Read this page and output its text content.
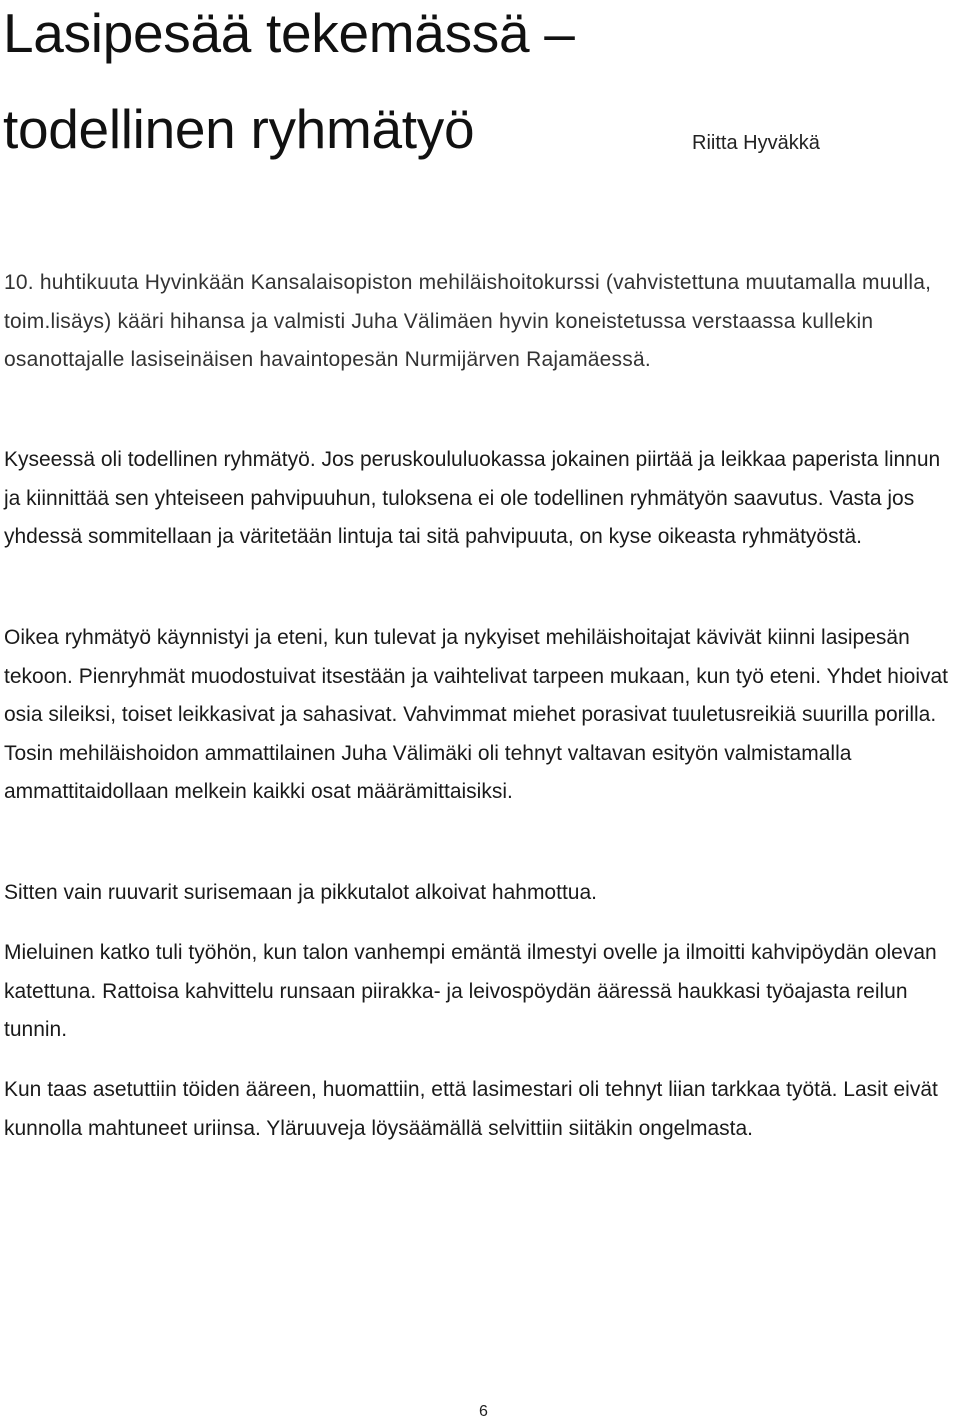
Lasipesää tekemässä –
todellinen ryhmätyö	Riitta Hyväkkä

10. huhtikuuta Hyvinkään Kansalaisopiston mehiläishoitokurssi (vahvistettuna muutamalla muulla, toim.lisäys) kääri hihansa ja valmisti Juha Välimäen hyvin koneistetussa verstaassa kullekin osanottajalle lasiseinäisen havaintopesän Nurmijärven Rajamäessä.

Kyseessä oli todellinen ryhmätyö. Jos peruskoululuokassa jokainen piirtää ja leikkaa paperista linnun ja kiinnittää sen yhteiseen pahvipuuhun, tuloksena ei ole todellinen ryhmätyön saavutus. Vasta jos yhdessä sommitellaan ja väritetään lintuja tai sitä pahvipuuta, on kyse oikeasta ryhmätyöstä.

Oikea ryhmätyö käynnistyi ja eteni, kun tulevat ja nykyiset mehiläishoitajat kävivät kiinni lasipesän tekoon. Pienryhmät muodostuivat itsestään ja vaihtelivat tarpeen mukaan, kun työ eteni. Yhdet hioivat osia sileiksi, toiset leikkasivat ja sahasivat. Vahvimmat miehet porasivat tuuletusreikiä suurilla porilla. Tosin mehiläishoidon ammattilainen Juha Välimäki oli tehnyt valtavan esityön valmistamalla ammattitaidollaan melkein kaikki osat määrämittaisiksi.

Sitten vain ruuvarit surisemaan ja pikkutalot alkoivat hahmottua.

Mieluinen katko tuli työhön, kun talon vanhempi emäntä ilmestyi ovelle ja ilmoitti kahvipöydän olevan katettuna. Rattoisa kahvittelu runsaan piirakka- ja leivospöydän ääressä haukkasi työajasta reilun tunnin.

Kun taas asetuttiin töiden ääreen, huomattiin, että lasimestari oli tehnyt liian tarkkaa työtä. Lasit eivät kunnolla mahtuneet uriinsa. Yläruuveja löysäämällä selvittiin siitäkin ongelmasta.

6
